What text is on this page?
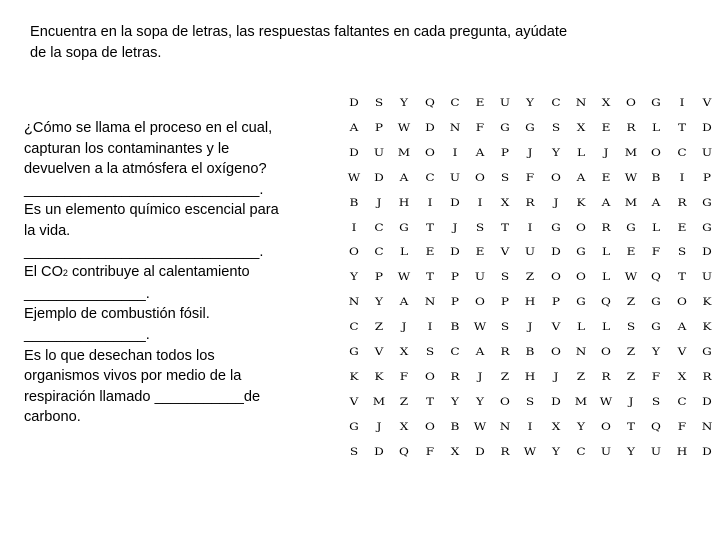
Encuentra en la sopa de letras, las respuestas faltantes en cada pregunta, ayúdate
de la sopa de letras.
¿Cómo se llama el proceso en el cual,
capturan los contaminantes y le
devuelven a la atmósfera el oxígeno?
_____________________________.
Es un elemento químico escencial para
la vida.
_____________________________.
El CO2 contribuye al calentamiento
_______________.
Ejemplo de combustión fósil.
_______________.
Es lo que desechan todos los
organismos vivos por medio de la
respiración llamado ___________de
carbono.
D	S	Y	Q	C	E	U	Y	C	N	X	O	G	I	V
A	P	W	D	N	F	G	G	S	X	E	R	L	T	D
D	U	M	O	I	A	P	J	Y	L	J	M	O	C	U
W	D	A	C	U	O	S	F	O	A	E	W	B	I	P
B	J	H	I	D	I	X	R	J	K	A	M	A	R	G
I	C	G	T	J	S	T	I	G	O	R	G	L	E	G
O	C	L	E	D	E	V	U	D	G	L	E	F	S	D
Y	P	W	T	P	U	S	Z	O	O	L	W	Q	T	U
N	Y	A	N	P	O	P	H	P	G	Q	Z	G	O	K
C	Z	J	I	B	W	S	J	V	L	L	S	G	A	K
G	V	X	S	C	A	R	B	O	N	O	Z	Y	V	G
K	K	F	O	R	J	Z	H	J	Z	R	Z	F	X	R
V	M	Z	T	Y	Y	O	S	D	M	W	J	S	C	D
G	J	X	O	B	W	N	I	X	Y	O	T	Q	F	N
S	D	Q	F	X	D	R	W	Y	C	U	Y	U	H	D
